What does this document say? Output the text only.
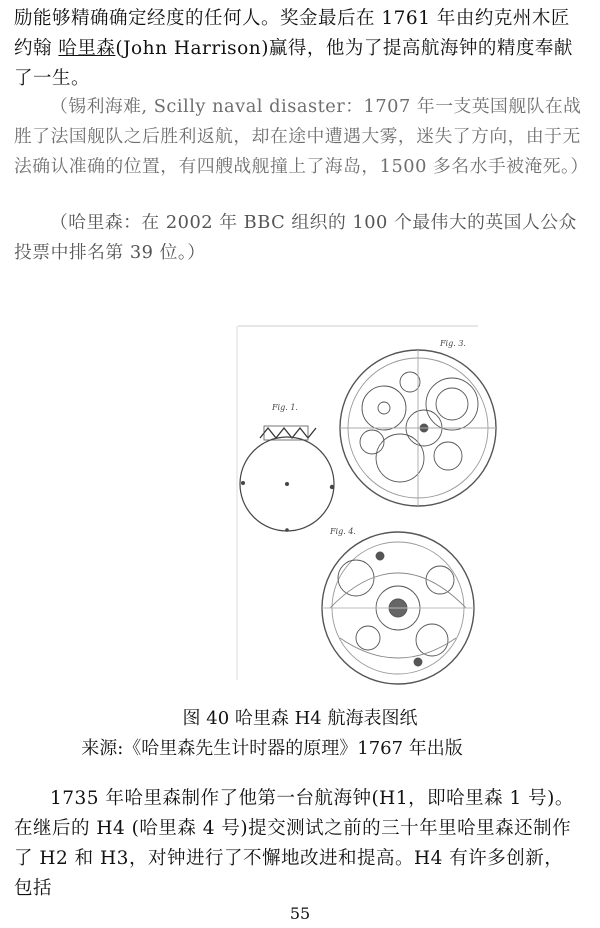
励能够精确确定经度的任何人。奖金最后在 1761 年由约克州木匠约翰 哈里森(John Harrison)赢得，他为了提高航海钟的精度奉献了一生。
（锡利海难, Scilly naval disaster：1707 年一支英国舰队在战胜了法国舰队之后胜利返航，却在途中遭遇大雾，迷失了方向，由于无法确认准确的位置，有四艘战舰撞上了海岛，1500 多名水手被淹死。）
（哈里森：在 2002 年 BBC 组织的 100 个最伟大的英国人公众投票中排名第 39 位。）
Fig. 1.
Fig. 3.
Fig. 4.
图 40 哈里森 H4 航海表图纸
来源:《哈里森先生计时器的原理》1767 年出版
1735 年哈里森制作了他第一台航海钟(H1，即哈里森 1 号)。在继后的 H4 (哈里森 4 号)提交测试之前的三十年里哈里森还制作了 H2 和 H3，对钟进行了不懈地改进和提高。H4 有许多创新， 包括
55
